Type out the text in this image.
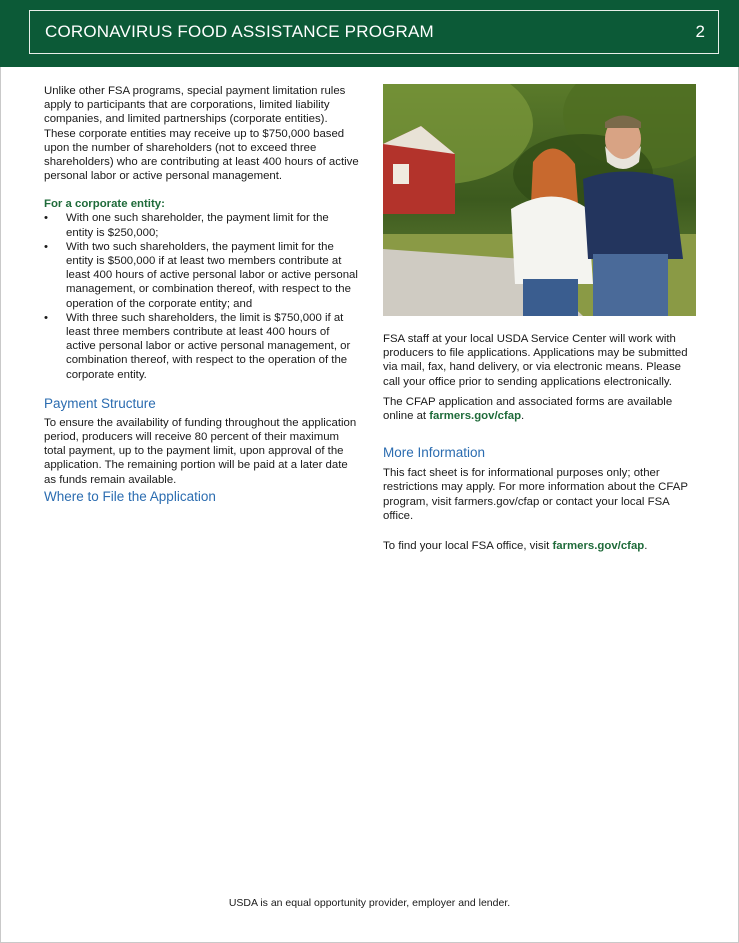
CORONAVIRUS FOOD ASSISTANCE PROGRAM	2

Unlike other FSA programs, special payment limitation rules apply to participants that are corporations, limited liability companies, and limited partnerships (corporate entities). These corporate entities may receive up to $750,000 based upon the number of shareholders (not to exceed three shareholders) who are contributing at least 400 hours of active personal labor or active personal management.

For a corporate entity:
• With one such shareholder, the payment limit for the entity is $250,000;
• With two such shareholders, the payment limit for the entity is $500,000 if at least two members contribute at least 400 hours of active personal labor or active personal management, or combination thereof, with respect to the operation of the corporate entity; and
• With three such shareholders, the limit is $750,000 if at least three members contribute at least 400 hours of active personal labor or active personal management, or combination thereof, with respect to the operation of the corporate entity.
Payment Structure

To ensure the availability of funding throughout the application period, producers will receive 80 percent of their maximum total payment, up to the payment limit, upon approval of the application. The remaining portion will be paid at a later date as funds remain available.

Where to File the Application

FSA staff at your local USDA Service Center will work with producers to file applications. Applications may be submitted via mail, fax, hand delivery, or via electronic means. Please call your office prior to sending applications electronically.

The CFAP application and associated forms are available online at farmers.gov/cfap.

More Information

This fact sheet is for informational purposes only; other restrictions may apply. For more information about the CFAP program, visit farmers.gov/cfap or contact your local FSA office.

To find your local FSA office, visit farmers.gov/cfap.

USDA is an equal opportunity provider, employer and lender.
